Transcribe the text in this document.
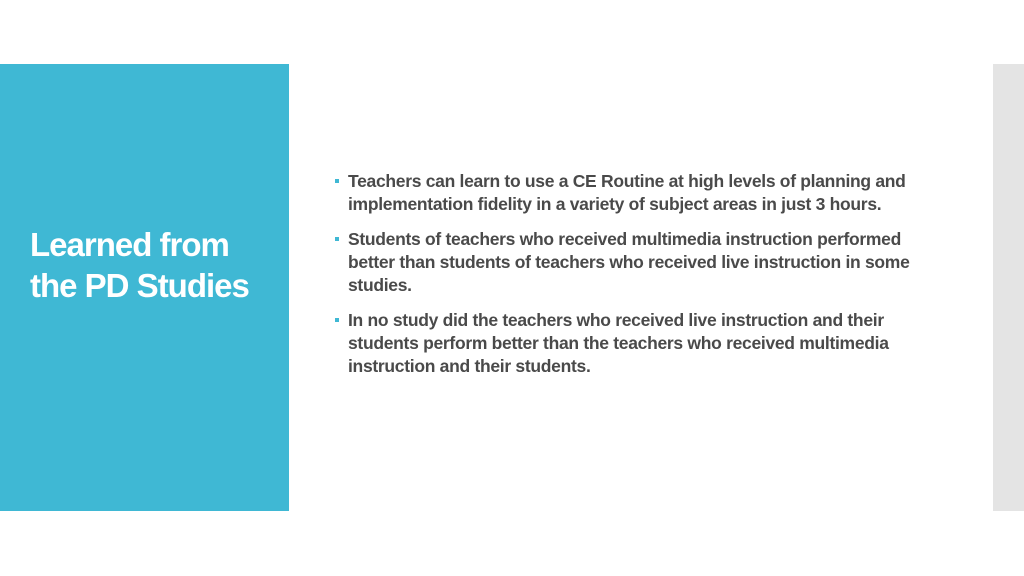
Learned from the PD Studies
Teachers can learn to use a CE Routine at high levels of planning and implementation fidelity in a variety of subject areas in just 3 hours.
Students of teachers who received multimedia instruction performed better than students of teachers who received live instruction in some studies.
In no study did the teachers who received live instruction and their students perform better than the teachers who received multimedia instruction and their students.
